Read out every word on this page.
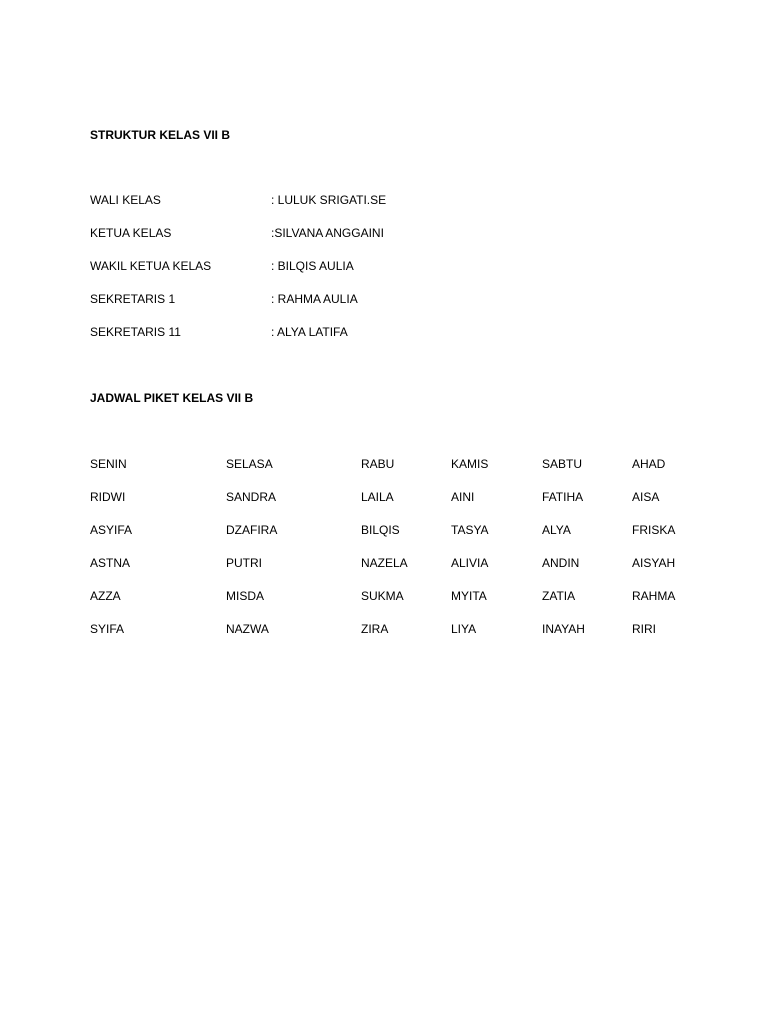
STRUKTUR KELAS VII B
WALI KELAS	: LULUK SRIGATI.SE
KETUA KELAS	:SILVANA ANGGAINI
WAKIL KETUA KELAS	: BILQIS AULIA
SEKRETARIS 1	: RAHMA AULIA
SEKRETARIS 11	: ALYA LATIFA
JADWAL PIKET KELAS VII B
SENIN	SELASA	RABU	KAMIS	SABTU	AHAD
RIDWI	SANDRA	LAILA	AINI	FATIHA	AISA
ASYIFA	DZAFIRA	BILQIS	TASYA	ALYA	FRISKA
ASTNA	PUTRI	NAZELA	ALIVIA	ANDIN	AISYAH
AZZA	MISDA	SUKMA	MYITA	ZATIA	RAHMA
SYIFA	NAZWA	ZIRA	LIYA	INAYAH	RIRI
